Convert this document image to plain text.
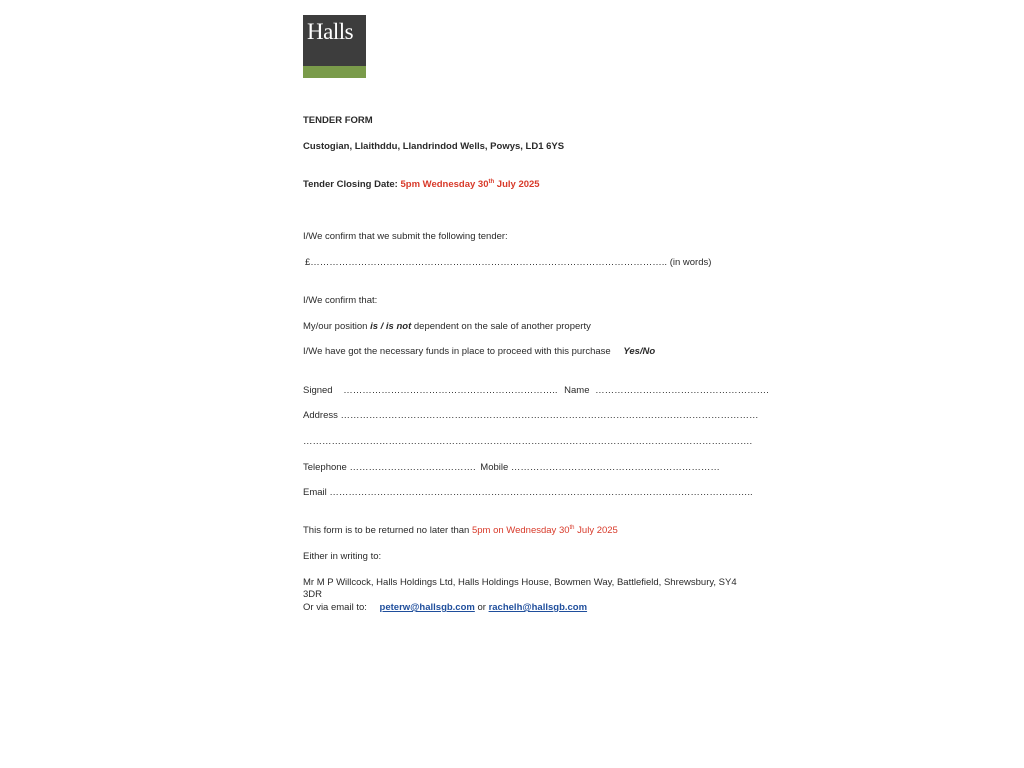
Halls
TENDER FORM
Custogian, Llaithddu, Llandrindod Wells, Powys, LD1 6YS
Tender Closing Date: 5pm Wednesday 30th July 2025
I/We confirm that we submit the following tender:
£………………………………………………………………………………………………….. (in words)
I/We confirm that:
My/our position is / is not dependent on the sale of another property
I/We have got the necessary funds in place to proceed with this purchase Yes/No
Signed ………………………………………………………….. Name ……………………………………………….
Address ……………………………………………………………………………………………………………………
…………………………………………………………………………………………………………………………….
Telephone …………………………………. Mobile …………………………………………………………
Email ……………………………………………………………………………………………………………………..
This form is to be returned no later than 5pm on Wednesday 30th July 2025
Either in writing to:
Mr M P Willcock, Halls Holdings Ltd, Halls Holdings House, Bowmen Way, Battlefield, Shrewsbury, SY4 3DR
Or via email to: peterw@hallsgb.com or rachelh@hallsgb.com
